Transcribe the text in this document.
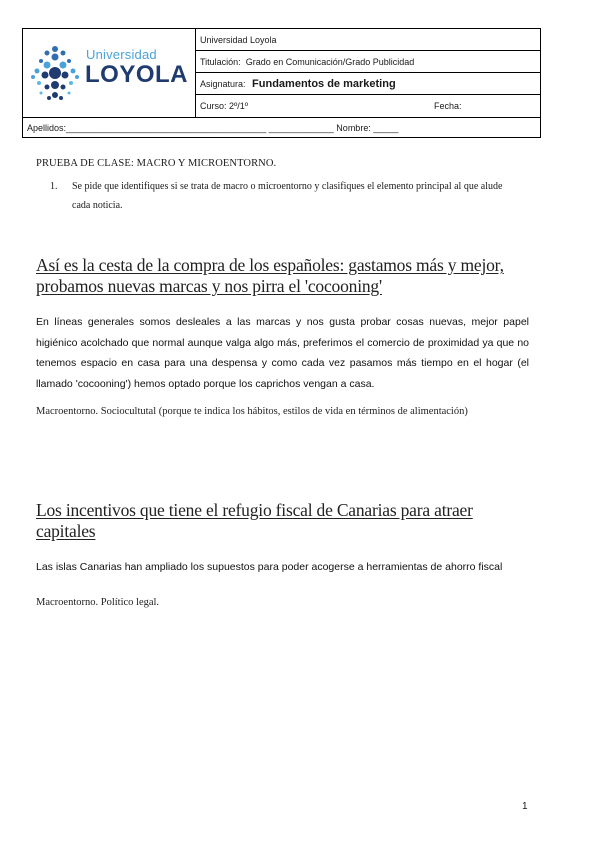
Universidad
LOYOLA
Universidad Loyola
Titulación: Grado en Comunicación/Grado Publicidad
Asignatura: Fundamentos de marketing
Curso: 2º/1º	Fecha:
Apellidos:________________________________________ _____________ Nombre: _____
PRUEBA DE CLASE: MACRO Y MICROENTORNO.
1. Se pide que identifiques si se trata de macro o microentorno y clasifiques el elemento principal al que alude cada noticia.
Así es la cesta de la compra de los españoles: gastamos más y mejor, probamos nuevas marcas y nos pirra el 'cocooning'
En líneas generales somos desleales a las marcas y nos gusta probar cosas nuevas, mejor papel higiénico acolchado que normal aunque valga algo más, preferimos el comercio de proximidad ya que no tenemos espacio en casa para una despensa y como cada vez pasamos más tiempo en el hogar (el llamado 'cocooning') hemos optado porque los caprichos vengan a casa.
Macroentorno. Sociocultutal (porque te indica los hábitos, estilos de vida en términos de alimentación)
Los incentivos que tiene el refugio fiscal de Canarias para atraer capitales
Las islas Canarias han ampliado los supuestos para poder acogerse a herramientas de ahorro fiscal
Macroentorno. Político legal.
1
